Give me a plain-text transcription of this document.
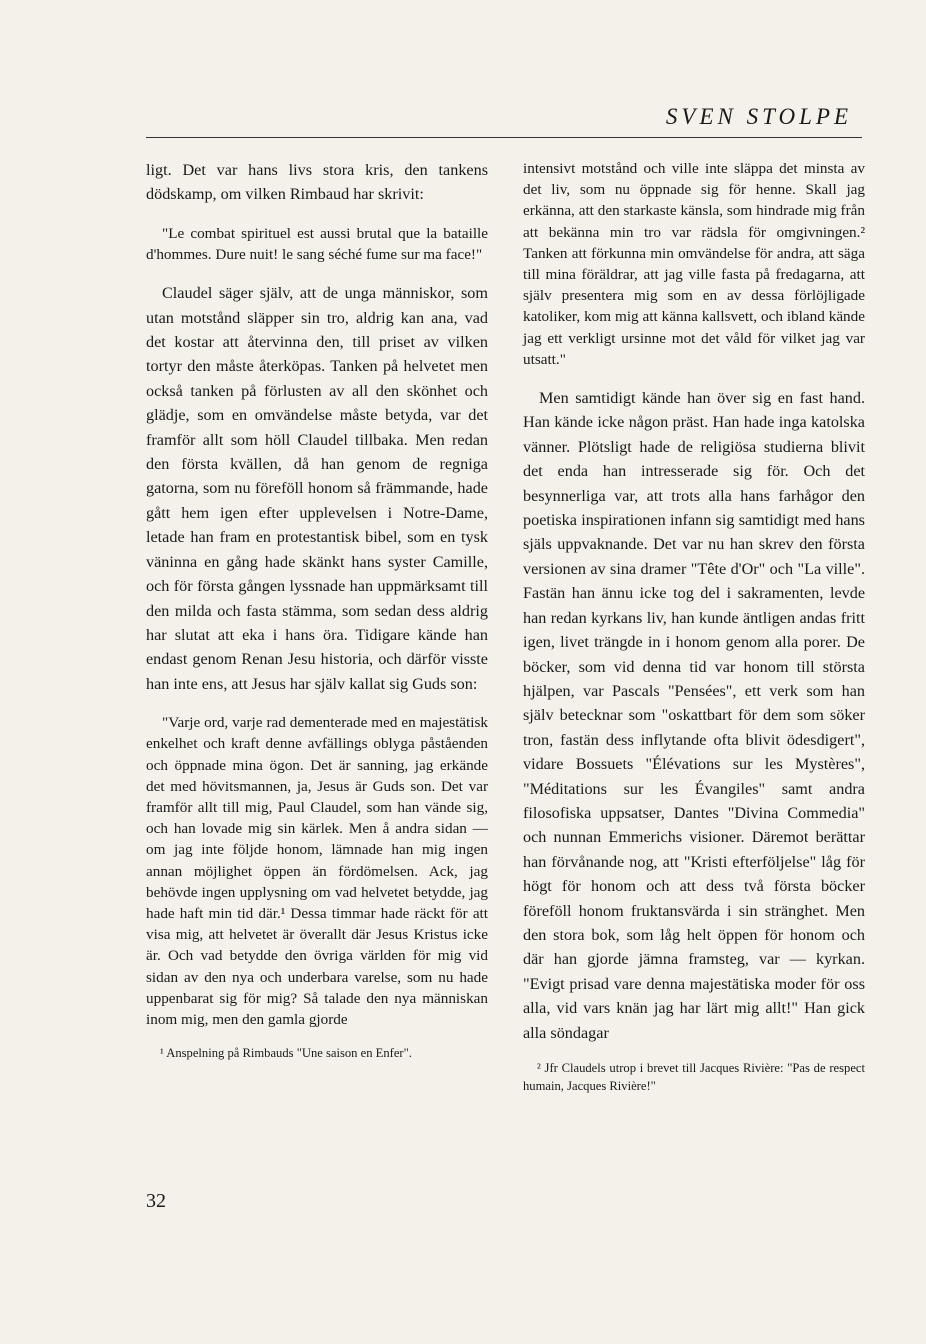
SVEN STOLPE

ligt. Det var hans livs stora kris, den tankens dödskamp, om vilken Rimbaud har skrivit:

"Le combat spirituel est aussi brutal que la bataille d'hommes. Dure nuit! le sang séché fume sur ma face!"

Claudel säger själv, att de unga människor, som utan motstånd släpper sin tro, aldrig kan ana, vad det kostar att återvinna den, till priset av vilken tortyr den måste återköpas. Tanken på helvetet men också tanken på förlusten av all den skönhet och glädje, som en omvändelse måste betyda, var det framför allt som höll Claudel tillbaka. Men redan den första kvällen, då han genom de regniga gatorna, som nu föreföll honom så främmande, hade gått hem igen efter upplevelsen i Notre-Dame, letade han fram en protestantisk bibel, som en tysk väninna en gång hade skänkt hans syster Camille, och för första gången lyssnade han uppmärksamt till den milda och fasta stämma, som sedan dess aldrig har slutat att eka i hans öra. Tidigare kände han endast genom Renan Jesu historia, och därför visste han inte ens, att Jesus har själv kallat sig Guds son:

"Varje ord, varje rad dementerade med en majestätisk enkelhet och kraft denne avfällings oblyga påståenden och öppnade mina ögon. Det är sanning, jag erkände det med hövitsmannen, ja, Jesus är Guds son. Det var framför allt till mig, Paul Claudel, som han vände sig, och han lovade mig sin kärlek. Men å andra sidan — om jag inte följde honom, lämnade han mig ingen annan möjlighet öppen än fördömelsen. Ack, jag behövde ingen upplysning om vad helvetet betydde, jag hade haft min tid där.¹ Dessa timmar hade räckt för att visa mig, att helvetet är överallt där Jesus Kristus icke är. Och vad betydde den övriga världen för mig vid sidan av den nya och underbara varelse, som nu hade uppenbarat sig för mig? Så talade den nya människan inom mig, men den gamla gjorde

¹ Anspelning på Rimbauds "Une saison en Enfer".

intensivt motstånd och ville inte släppa det minsta av det liv, som nu öppnade sig för henne. Skall jag erkänna, att den starkaste känsla, som hindrade mig från att bekänna min tro var rädsla för omgivningen.² Tanken att förkunna min omvändelse för andra, att säga till mina föräldrar, att jag ville fasta på fredagarna, att själv presentera mig som en av dessa förlöjligade katoliker, kom mig att känna kallsvett, och ibland kände jag ett verkligt ursinne mot det våld för vilket jag var utsatt."

Men samtidigt kände han över sig en fast hand. Han kände icke någon präst. Han hade inga katolska vänner. Plötsligt hade de religiösa studierna blivit det enda han intresserade sig för. Och det besynnerliga var, att trots alla hans farhågor den poetiska inspirationen infann sig samtidigt med hans själs uppvaknande. Det var nu han skrev den första versionen av sina dramer "Tête d'Or" och "La ville". Fastän han ännu icke tog del i sakramenten, levde han redan kyrkans liv, han kunde äntligen andas fritt igen, livet trängde in i honom genom alla porer. De böcker, som vid denna tid var honom till största hjälpen, var Pascals "Pensées", ett verk som han själv betecknar som "oskattbart för dem som söker tron, fastän dess inflytande ofta blivit ödesdigert", vidare Bossuets "Élévations sur les Mystères", "Méditations sur les Évangiles" samt andra filosofiska uppsatser, Dantes "Divina Commedia" och nunnan Emmerichs visioner. Däremot berättar han förvånande nog, att "Kristi efterföljelse" låg för högt för honom och att dess två första böcker föreföll honom fruktansvärda i sin stränghet. Men den stora bok, som låg helt öppen för honom och där han gjorde jämna framsteg, var — kyrkan. "Evigt prisad vare denna majestätiska moder för oss alla, vid vars knän jag har lärt mig allt!" Han gick alla söndagar

² Jfr Claudels utrop i brevet till Jacques Rivière: "Pas de respect humain, Jacques Rivière!"

32
